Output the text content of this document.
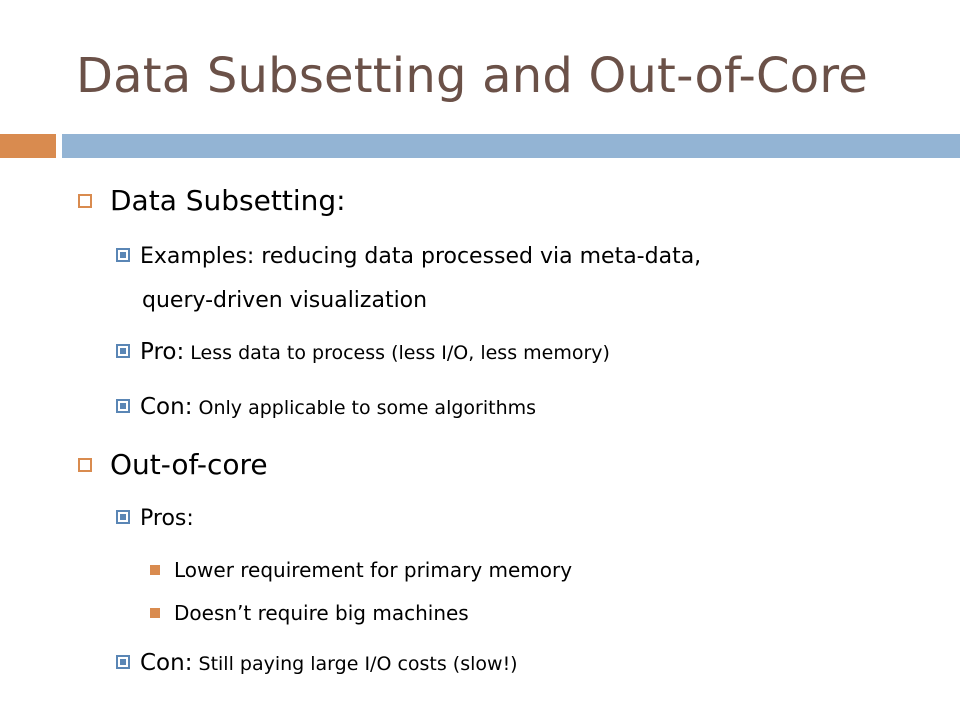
Data Subsetting and Out-of-Core
Data Subsetting:
Examples: reducing data processed via meta-data,
query-driven visualization
Pro: Less data to process (less I/O, less memory)
Con: Only applicable to some algorithms
Out-of-core
Pros:
Lower requirement for primary memory
Doesn’t require big machines
Con: Still paying large I/O costs (slow!)
